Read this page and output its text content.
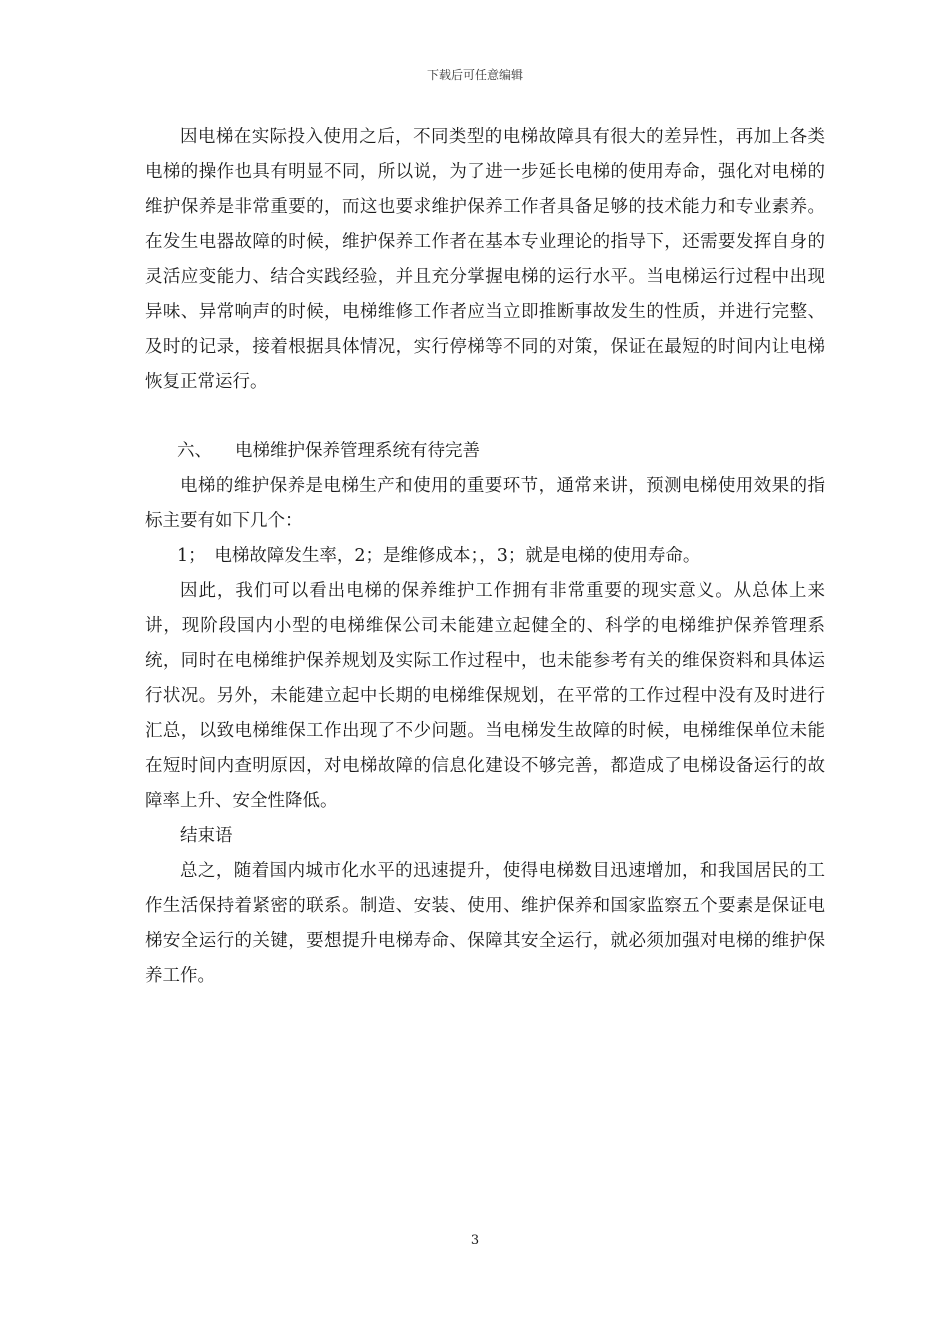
下载后可任意编辑

因电梯在实际投入使用之后，不同类型的电梯故障具有很大的差异性，再加上各类电梯的操作也具有明显不同，所以说，为了进一步延长电梯的使用寿命，强化对电梯的维护保养是非常重要的，而这也要求维护保养工作者具备足够的技术能力和专业素养。在发生电器故障的时候，维护保养工作者在基本专业理论的指导下，还需要发挥自身的灵活应变能力、结合实践经验，并且充分掌握电梯的运行水平。当电梯运行过程中出现异味、异常响声的时候，电梯维修工作者应当立即推断事故发生的性质，并进行完整、及时的记录，接着根据具体情况，实行停梯等不同的对策，保证在最短的时间内让电梯恢复正常运行。

六、 电梯维护保养管理系统有待完善

电梯的维护保养是电梯生产和使用的重要环节，通常来讲，预测电梯使用效果的指标主要有如下几个：

1；　电梯故障发生率，2；是维修成本；，3；就是电梯的使用寿命。

因此，我们可以看出电梯的保养维护工作拥有非常重要的现实意义。从总体上来讲，现阶段国内小型的电梯维保公司未能建立起健全的、科学的电梯维护保养管理系统，同时在电梯维护保养规划及实际工作过程中，也未能参考有关的维保资料和具体运行状况。另外，未能建立起中长期的电梯维保规划，在平常的工作过程中没有及时进行汇总，以致电梯维保工作出现了不少问题。当电梯发生故障的时候，电梯维保单位未能在短时间内查明原因，对电梯故障的信息化建设不够完善，都造成了电梯设备运行的故障率上升、安全性降低。

结束语

总之，随着国内城市化水平的迅速提升，使得电梯数目迅速增加，和我国居民的工作生活保持着紧密的联系。制造、安装、使用、维护保养和国家监察五个要素是保证电梯安全运行的关键，要想提升电梯寿命、保障其安全运行，就必须加强对电梯的维护保养工作。

3
